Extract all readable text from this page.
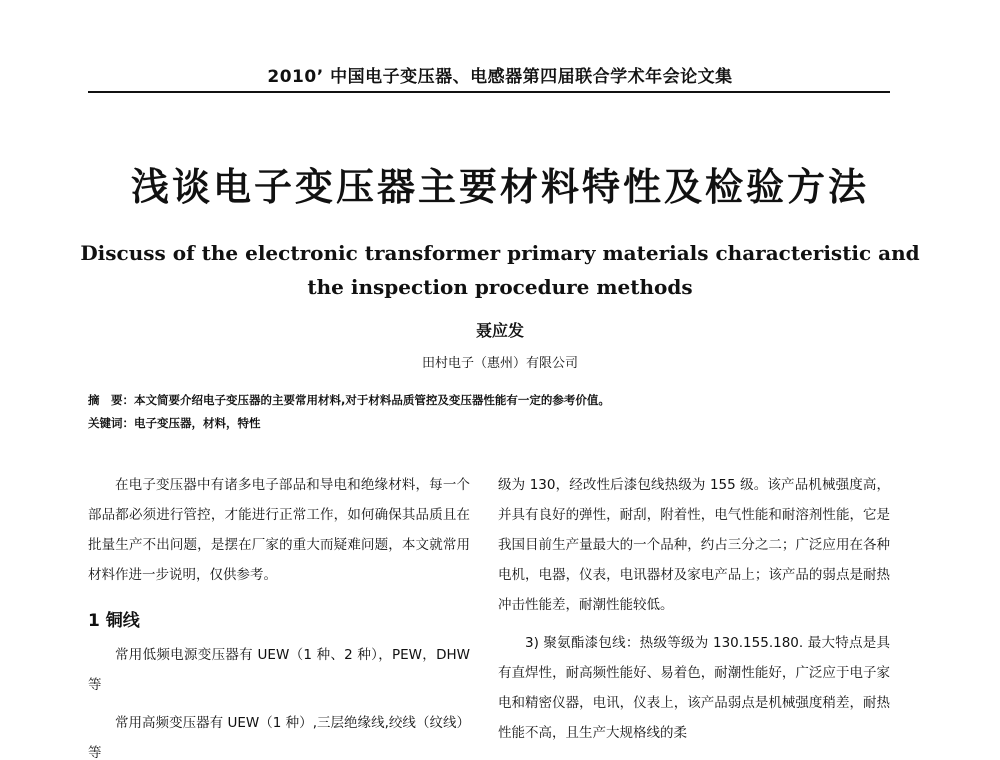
2010’ 中国电子变压器、电感器第四届联合学术年会论文集
浅谈电子变压器主要材料特性及检验方法
Discuss of the electronic transformer primary materials characteristic and the inspection procedure methods
聂应发
田村电子（惠州）有限公司
摘　要：本文简要介绍电子变压器的主要常用材料,对于材料品质管控及变压器性能有一定的参考价值。
关键词：电子变压器，材料，特性

在电子变压器中有诸多电子部品和导电和绝缘材料，每一个部品都必须进行管控，才能进行正常工作，如何确保其品质且在批量生产不出问题，是摆在厂家的重大而疑难问题，本文就常用材料作进一步说明，仅供参考。

1 铜线

常用低频电源变压器有 UEW（1 种、2 种），PEW，DHW 等

常用高频变压器有 UEW（1 种）,三层绝缘线,绞线（纹线）等

级为 130，经改性后漆包线热级为 155 级。该产品机械强度高，并具有良好的弹性，耐刮，附着性，电气性能和耐溶剂性能，它是我国目前生产量最大的一个品种，约占三分之二；广泛应用在各种电机，电器，仪表，电讯器材及家电产品上；该产品的弱点是耐热冲击性能差，耐潮性能较低。

3) 聚氨酯漆包线：热级等级为 130.155.180. 最大特点是具有直焊性，耐高频性能好、易着色，耐潮性能好，广泛应于电子家电和精密仪器，电讯，仪表上，该产品弱点是机械强度稍差，耐热性能不高，且生产大规格线的柔
